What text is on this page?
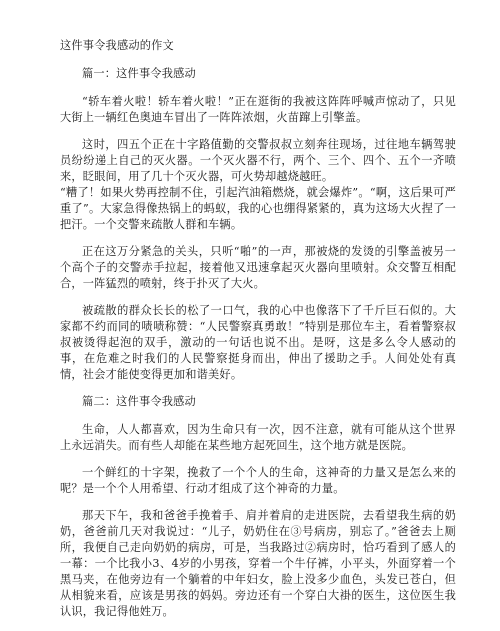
这件事令我感动的作文
篇一：这件事令我感动

“轿车着火啦！轿车着火啦！”正在逛街的我被这阵阵呼喊声惊动了，只见大街上一辆红色奥迪车冒出了一阵阵浓烟，火苗蹿上引擎盖。

这时，四五个正在十字路值勤的交警叔叔立刻奔往现场，过往地车辆驾驶员纷纷递上自己的灭火器。一个灭火器不行，两个、三个、四个、五个一齐喷来，眨眼间，用了几十个灭火器，可火势却越烧越旺。

“糟了！如果火势再控制不住，引起汽油箱燃烧，就会爆炸”。“啊，这后果可严重了”。大家急得像热锅上的蚂蚁，我的心也绷得紧紧的，真为这场大火捏了一把汗。一个交警来疏散人群和车辆。

正在这万分紧急的关头，只听“啪”的一声，那被烧的发烫的引擎盖被另一个高个子的交警赤手拉起，接着他又迅速拿起灭火器向里喷射。众交警互相配合，一阵猛烈的喷射，终于扑灭了大火。

被疏散的群众长长的松了一口气，我的心中也像落下了千斤巨石似的。大家都不约而同的啧啧称赞：“人民警察真勇敢！”特别是那位车主，看着警察叔叔被烫得起泡的双手，激动的一句话也说不出。是呀，这是多么令人感动的事，在危难之时我们的人民警察挺身而出，伸出了援助之手。人间处处有真情，社会才能使变得更加和谐美好。

篇二：这件事令我感动

生命，人人都喜欢，因为生命只有一次，因不注意，就有可能从这个世界上永远消失。而有些人却能在某些地方起死回生，这个地方就是医院。

一个鲜红的十字架，挽救了一个个人的生命，这神奇的力量又是怎么来的呢？是一个个人用希望、行动才组成了这个神奇的力量。

那天下午，我和爸爸手挽着手、肩并着肩的走进医院，去看望我生病的奶奶，爸爸前几天对我说过：“儿子，奶奶住在③号病房，别忘了。”爸爸去上厕所，我便自己走向奶奶的病房，可是，当我路过②病房时，恰巧看到了感人的一幕：一个比我小3、4岁的小男孩，穿着一个牛仔裤，小平头，外面穿着一个黑马夹，在他旁边有一个躺着的中年妇女，脸上没多少血色，头发已苍白，但从相貌来看，应该是男孩的妈妈。旁边还有一个穿白大褂的医生，这位医生我认识，我记得他姓万。
